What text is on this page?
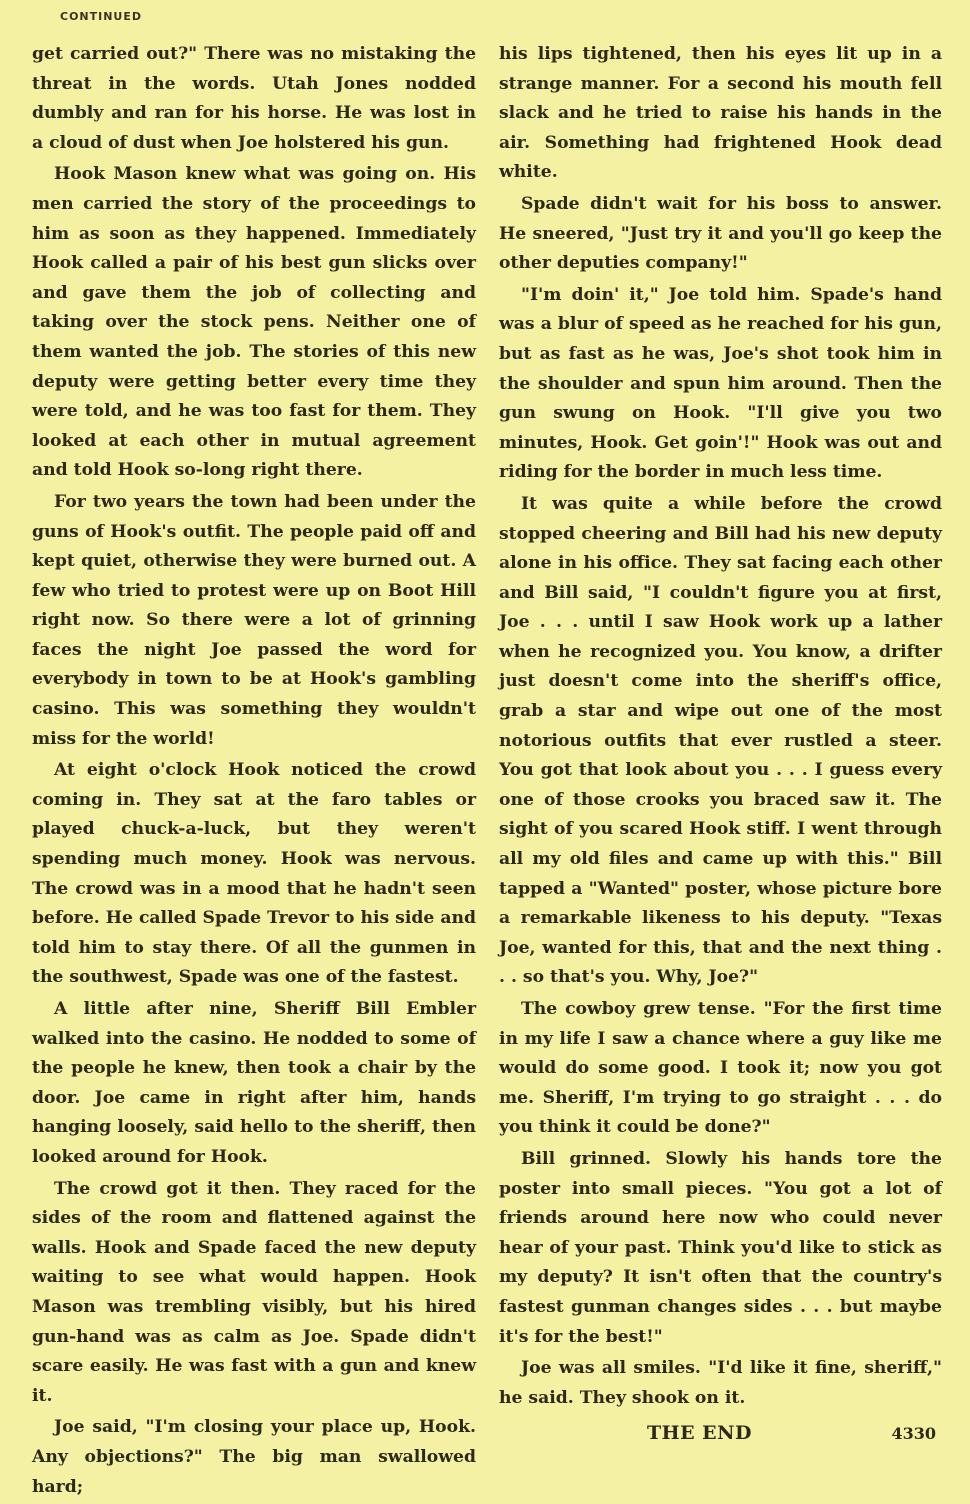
CONTINUED

get carried out?" There was no mistaking the threat in the words. Utah Jones nodded dumbly and ran for his horse. He was lost in a cloud of dust when Joe holstered his gun.

Hook Mason knew what was going on. His men carried the story of the proceedings to him as soon as they happened. Immediately Hook called a pair of his best gun slicks over and gave them the job of collecting and taking over the stock pens. Neither one of them wanted the job. The stories of this new deputy were getting better every time they were told, and he was too fast for them. They looked at each other in mutual agreement and told Hook so-long right there.

For two years the town had been under the guns of Hook's outfit. The people paid off and kept quiet, otherwise they were burned out. A few who tried to protest were up on Boot Hill right now. So there were a lot of grinning faces the night Joe passed the word for everybody in town to be at Hook's gambling casino. This was something they wouldn't miss for the world!

At eight o'clock Hook noticed the crowd coming in. They sat at the faro tables or played chuck-a-luck, but they weren't spending much money. Hook was nervous. The crowd was in a mood that he hadn't seen before. He called Spade Trevor to his side and told him to stay there. Of all the gunmen in the southwest, Spade was one of the fastest.

A little after nine, Sheriff Bill Embler walked into the casino. He nodded to some of the people he knew, then took a chair by the door. Joe came in right after him, hands hanging loosely, said hello to the sheriff, then looked around for Hook.

The crowd got it then. They raced for the sides of the room and flattened against the walls. Hook and Spade faced the new deputy waiting to see what would happen. Hook Mason was trembling visibly, but his hired gun-hand was as calm as Joe. Spade didn't scare easily. He was fast with a gun and knew it.

Joe said, "I'm closing your place up, Hook. Any objections?" The big man swallowed hard;

his lips tightened, then his eyes lit up in a strange manner. For a second his mouth fell slack and he tried to raise his hands in the air. Something had frightened Hook dead white.

Spade didn't wait for his boss to answer. He sneered, "Just try it and you'll go keep the other deputies company!"

"I'm doin' it," Joe told him. Spade's hand was a blur of speed as he reached for his gun, but as fast as he was, Joe's shot took him in the shoulder and spun him around. Then the gun swung on Hook. "I'll give you two minutes, Hook. Get goin'!" Hook was out and riding for the border in much less time.

It was quite a while before the crowd stopped cheering and Bill had his new deputy alone in his office. They sat facing each other and Bill said, "I couldn't figure you at first, Joe . . . until I saw Hook work up a lather when he recognized you. You know, a drifter just doesn't come into the sheriff's office, grab a star and wipe out one of the most notorious outfits that ever rustled a steer. You got that look about you . . . I guess every one of those crooks you braced saw it. The sight of you scared Hook stiff. I went through all my old files and came up with this." Bill tapped a "Wanted" poster, whose picture bore a remarkable likeness to his deputy. "Texas Joe, wanted for this, that and the next thing . . . so that's you. Why, Joe?"

The cowboy grew tense. "For the first time in my life I saw a chance where a guy like me would do some good. I took it; now you got me. Sheriff, I'm trying to go straight . . . do you think it could be done?"

Bill grinned. Slowly his hands tore the poster into small pieces. "You got a lot of friends around here now who could never hear of your past. Think you'd like to stick as my deputy? It isn't often that the country's fastest gunman changes sides . . . but maybe it's for the best!"

Joe was all smiles. "I'd like it fine, sheriff," he said. They shook on it.

THE END	4330
